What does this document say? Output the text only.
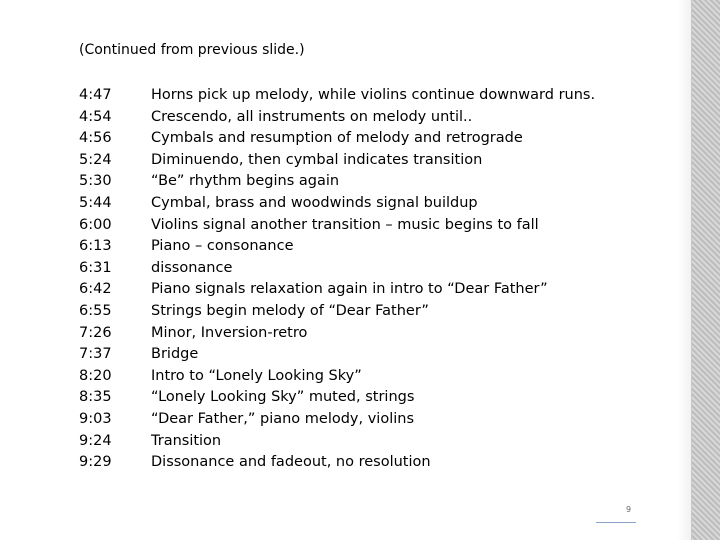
(Continued from previous slide.)
4:47	Horns pick up melody, while violins continue downward runs.
4:54	Crescendo, all instruments on melody until..
4:56	Cymbals and resumption of melody and retrograde
5:24	Diminuendo, then cymbal indicates transition
5:30	“Be” rhythm begins again
5:44	Cymbal, brass and woodwinds signal buildup
6:00	Violins signal another transition – music begins to fall
6:13	Piano – consonance
6:31	dissonance
6:42	Piano signals relaxation again in intro to “Dear Father”
6:55	Strings begin melody of “Dear Father”
7:26	Minor, Inversion-retro
7:37	Bridge
8:20	Intro to “Lonely Looking Sky”
8:35	“Lonely Looking Sky” muted, strings
9:03	“Dear Father,” piano melody, violins
9:24	Transition
9:29	Dissonance and fadeout, no resolution
9
